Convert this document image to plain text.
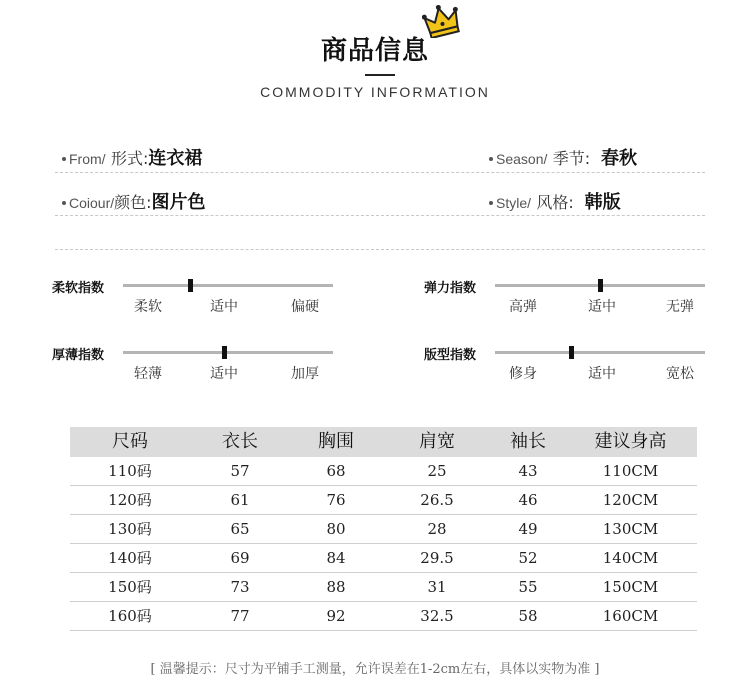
商品信息
COMMODITY INFORMATION
From/ 形式:连衣裙	Season/ 季节: 春秋
Coiour/颜色:图片色	Style/ 风格: 韩版
柔软指数
柔软	适中	偏硬
弹力指数
高弹	适中	无弹
厚薄指数
轻薄	适中	加厚
版型指数
修身	适中	宽松
尺码	衣长	胸围	肩宽	袖长	建议身高
110码	57	68	25	43	110CM
120码	61	76	26.5	46	120CM
130码	65	80	28	49	130CM
140码	69	84	29.5	52	140CM
150码	73	88	31	55	150CM
160码	77	92	32.5	58	160CM
[ 温馨提示：尺寸为平铺手工测量，允许误差在1-2cm左右，具体以实物为准 ]
